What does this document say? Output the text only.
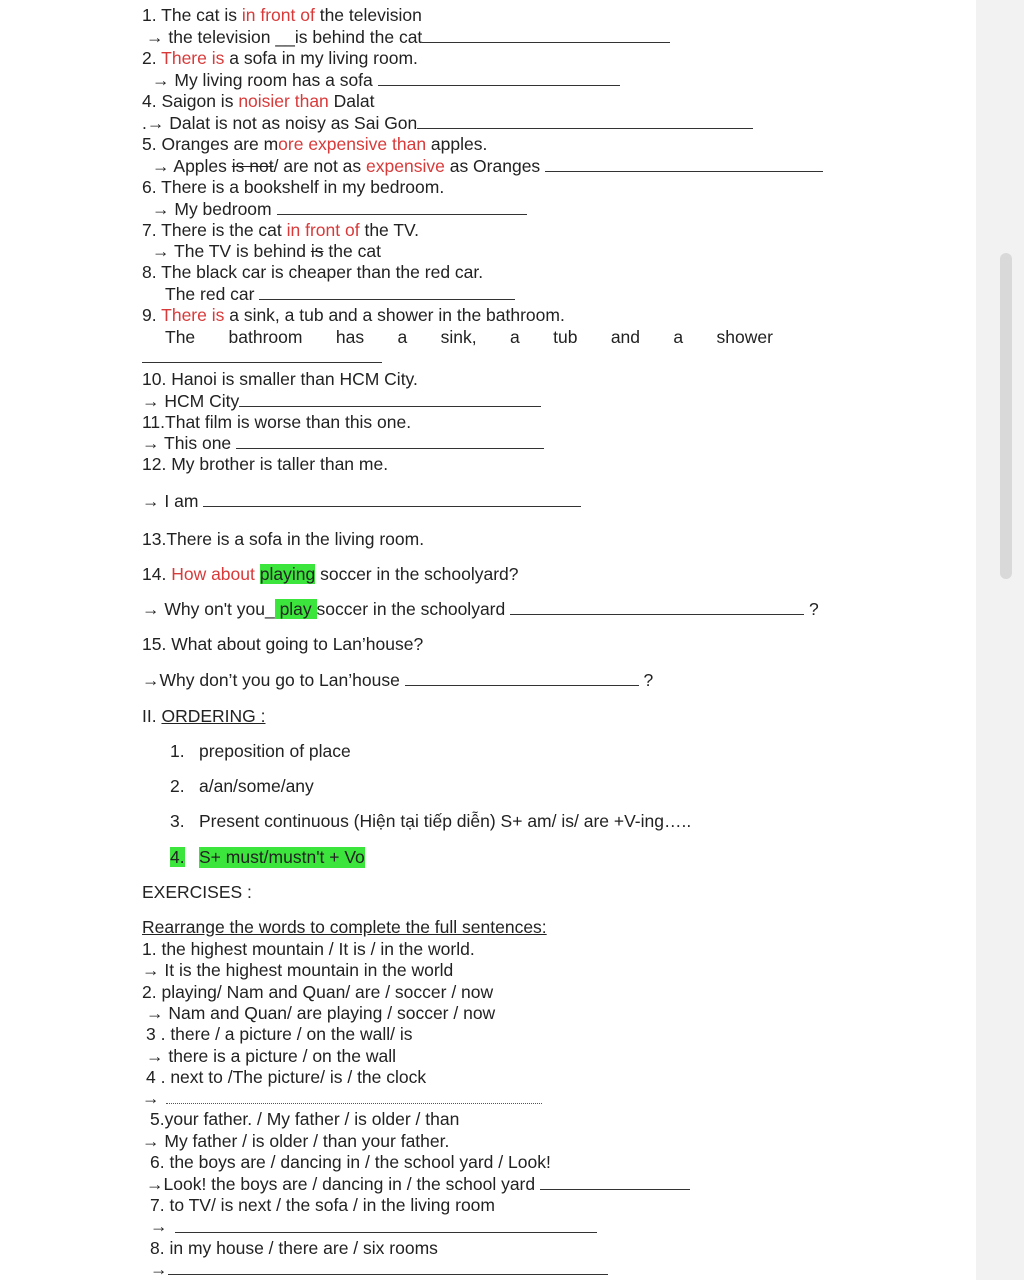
1. The cat is in front of the television
→ the television __is behind the cat
2. There is a sofa in my living room.
→ My living room has a sofa
4. Saigon is noisier than Dalat
.→ Dalat is not as noisy as Sai Gon
5. Oranges are more expensive than apples.
→ Apples is not/ are not as expensive as Oranges
6. There is a bookshelf in my bedroom.
→ My bedroom
7. There is the cat in front of the TV.
→ The TV is behind is the cat
8. The black car is cheaper than the red car.
The red car
9. There is a sink, a tub and a shower in the bathroom.
The bathroom has a sink, a tub and a shower
10. Hanoi is smaller than HCM City.
→ HCM City
11.That film is worse than this one.
→ This one
12. My brother is taller than me.
→ I am
13.There is a sofa in the living room.
14. How about playing soccer in the schoolyard?
→ Why on't you_ play soccer in the schoolyard	?
15. What about going to Lan’house?
→Why don’t you go to Lan’house	?
II. ORDERING :
1. preposition of place
2. a/an/some/any
3. Present continuous (Hiện tại tiếp diễn) S+ am/ is/ are +V-ing…..
4. S+ must/mustn't + Vo
EXERCISES :
Rearrange the words to complete the full sentences:
1. the highest mountain / It is / in the world.
→ It is the highest mountain in the world
2. playing/ Nam and Quan/ are / soccer / now
→ Nam and Quan/ are playing / soccer / now
3 . there / a picture / on the wall/ is
→ there is a picture / on the wall
4 . next to /The picture/ is / the clock
→
5.your father. / My father / is older / than
→ My father / is older / than your father.
6. the boys are / dancing in / the school yard / Look!
→Look! the boys are / dancing in / the school yard
7. to TV/ is next / the sofa / in the living room
→
8. in my house / there are / six rooms
→
